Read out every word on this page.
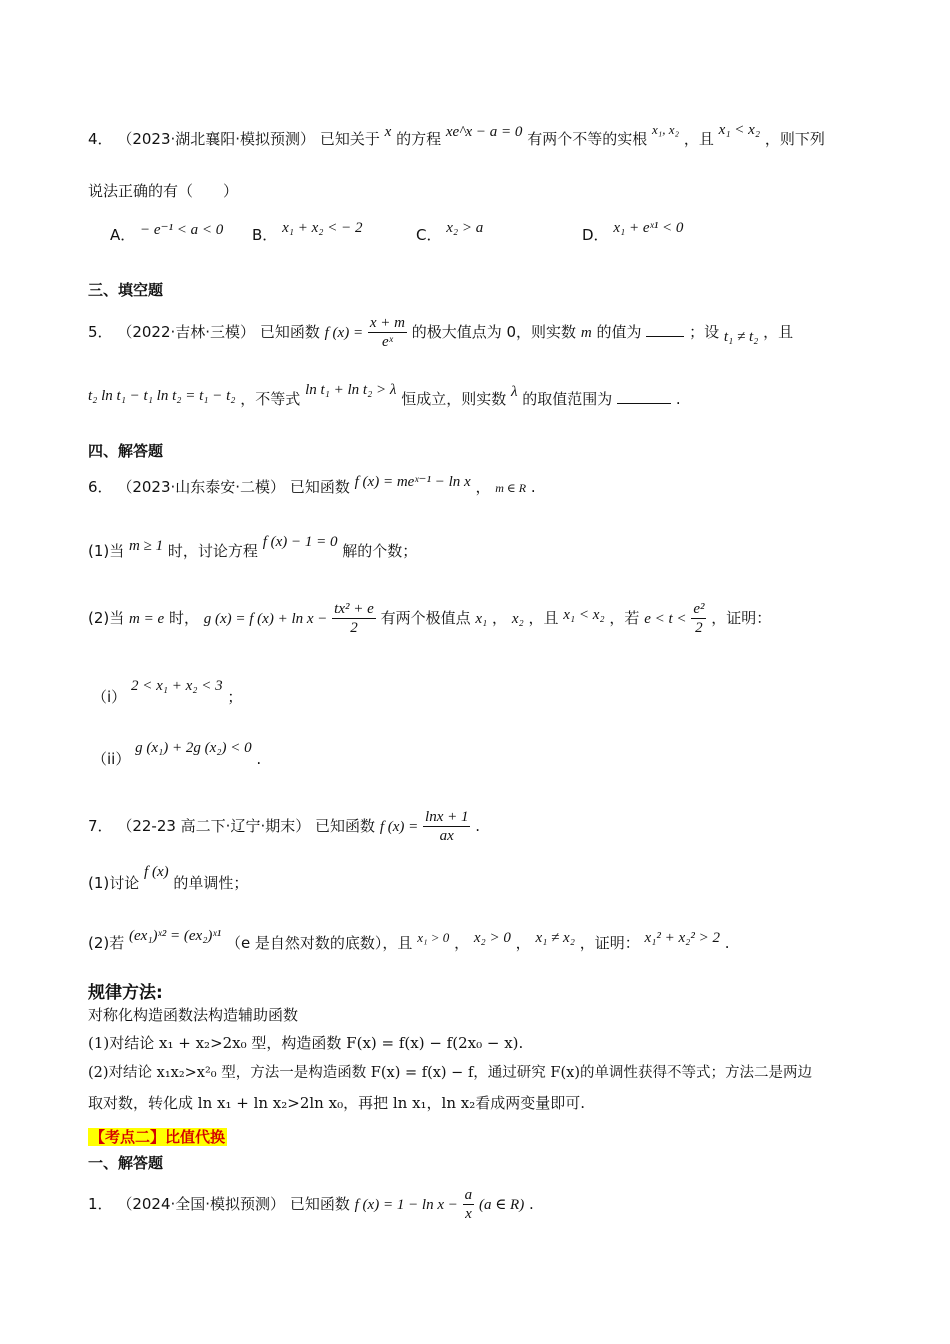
4． （2023·湖北襄阳·模拟预测） 已知关于 x 的方程 xe^x − a = 0 有两个不等的实根 x₁, x₂ ，且 x₁ < x₂ ，则下列
说法正确的有（　　）
A． − e⁻¹ < a < 0 B． x₁ + x₂ < − 2	C． x₂ > a	D． x₁ + eˣ¹ < 0
三、填空题
5． （2022·吉林·三模） 已知函数 f $(x) = \frac{x + m}{\text{eˣ}}$ 的极大值点为 0，则实数 m 的值为	；设 t₁ ≠ t₂ ，且
t₂ ln t₁ − t₁ ln t₂ = t₁ − t₂ ，不等式 ln t₁ + ln t₂ > λ 恒成立，则实数 λ 的取值范围为	.
四、解答题
6． （2023·山东泰安·二模） 已知函数 f (x) = meˣ⁻¹ − ln x ， m ∈ R .
(1)当 m ≥ 1 时，讨论方程 f (x) − 1 = 0 解的个数；
(2)当 m = e 时， g (x) = f $(x) + \ln x - \frac{\text{tx² + e}}{2}$ 有两个极值点 x₁ ， x₂ ，且 x₁ < x₂ ，若 $e < t < \frac{\text{e²}}{2}$ ，证明：
（i） 2 < x₁ + x₂ < 3 ；
（ii） g (x₁) + 2g (x₂) < 0 .
7． （22-23 高二下·辽宁·期末） 已知函数 f $(x) = \frac{\ln x + 1}{ax}$ .
(1)讨论 f (x) 的单调性；
(2)若 (ex₁)ˣ² = (ex₂)ˣ¹ （e 是自然对数的底数），且 x₁ > 0 ， x₂ > 0 ， x₁ ≠ x₂ ，证明： x₁² + x₂² > 2 .
规律方法:
对称化构造函数法构造辅助函数
(1)对结论 x₁ + x₂>2x₀ 型，构造函数 F(x) = f(x) − f(2x₀ − x).
(2)对结论 x₁x₂>x²₀ 型，方法一是构造函数 F(x) = f(x) − f，通过研究 F(x)的单调性获得不等式；方法二是两边
取对数，转化成 ln x₁ + ln x₂>2ln x₀，再把 ln x₁，ln x₂看成两变量即可.
【考点二】比值代换
一、解答题
1． （2024·全国·模拟预测） 已知函数 f $(x) = 1 - \ln x - \frac{a}{x} (a$ ∈ R) .
